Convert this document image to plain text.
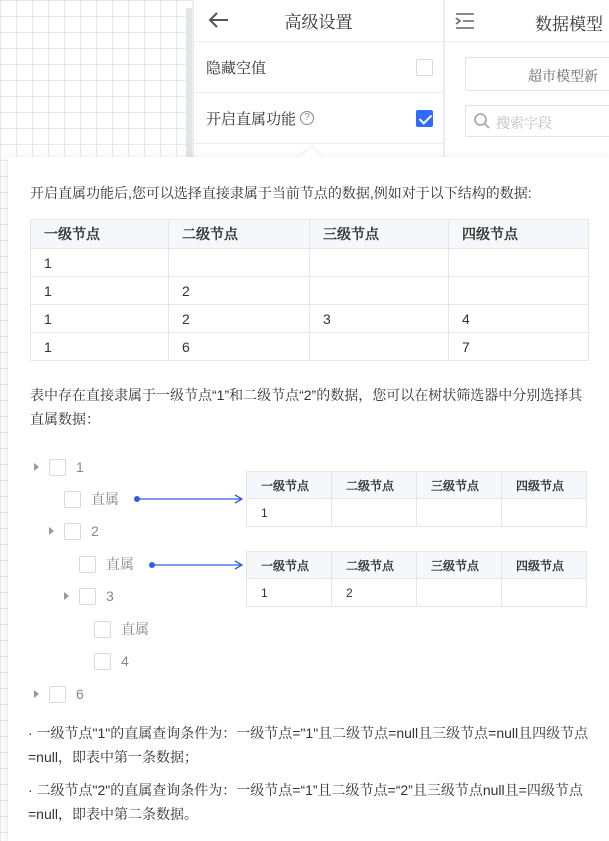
高级设置
隐藏空值
开启直属功能 ?
数据模型
超市模型新
搜索字段
开启直属功能后,您可以选择直接隶属于当前节点的数据,例如对于以下结构的数据:
一级节点	二级节点	三级节点	四级节点
1			
1	2		
1	2	3	4
1	6		7
表中存在直接隶属于一级节点“1”和二级节点“2”的数据，您可以在树状筛选器中分别选择其直属数据：
1
直属
2
直属
3
直属
4
6
一级节点	二级节点	三级节点	四级节点
1			
一级节点	二级节点	三级节点	四级节点
1	2		
· 一级节点"1"的直属查询条件为：一级节点="1"且二级节点=null且三级节点=null且四级节点=null，即表中第一条数据；
· 二级节点"2"的直属查询条件为：一级节点=“1”且二级节点=“2”且三级节点null且=四级节点=null，即表中第二条数据。
